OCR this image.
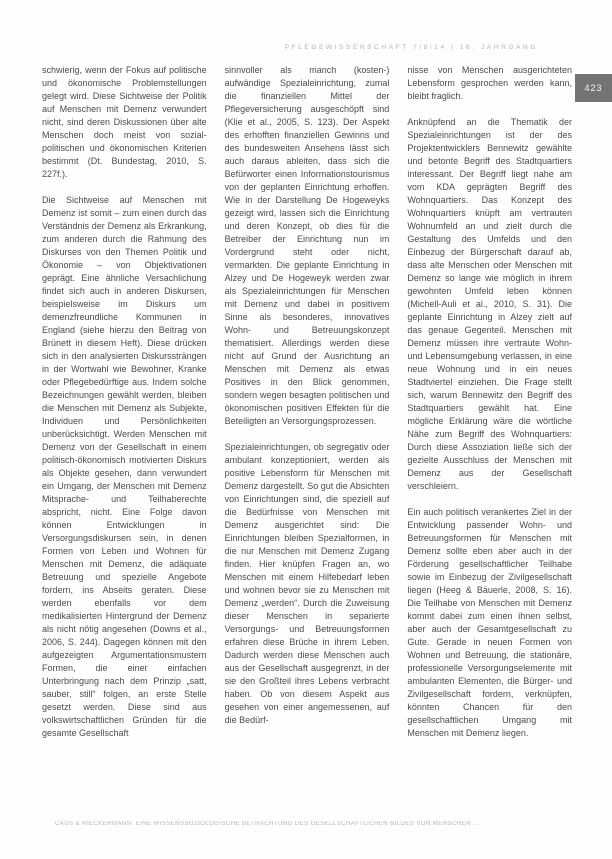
PFLEGEWISSENSCHAFT 7/8/14 | 16. JAHRGANG
423

schwierig, wenn der Fokus auf politische und ökonomische Problemstellungen gelegt wird. Diese Sichtweise der Politik auf Menschen mit Demenz verwundert nicht, sind deren Diskussionen über alte Menschen doch meist von sozial-politischen und ökonomischen Kriterien bestimmt (Dt. Bundestag, 2010, S. 227f.).

Die Sichtweise auf Menschen mit Demenz ist somit – zum einen durch das Verständnis der Demenz als Erkrankung, zum anderen durch die Rahmung des Diskurses von den Themen Politik und Ökonomie – von Objektivationen geprägt. Eine ähnliche Versachlichung findet sich auch in anderen Diskursen, beispielsweise im Diskurs um demenzfreundliche Kommunen in England (siehe hierzu den Beitrag von Brünett in diesem Heft). Diese drücken sich in den analysierten Diskurssträngen in der Wortwahl wie Bewohner, Kranke oder Pflegebedürftige aus. Indem solche Bezeichnungen gewählt werden, bleiben die Menschen mit Demenz als Subjekte, Individuen und Persönlichkeiten unberücksichtigt. Werden Menschen mit Demenz von der Gesellschaft in einem politisch-ökonomisch motivierten Diskurs als Objekte gesehen, dann verwundert ein Umgang, der Menschen mit Demenz Mitsprache- und Teilhaberechte abspricht, nicht. Eine Folge davon können Entwicklungen in Versorgungsdiskursen sein, in denen Formen von Leben und Wohnen für Menschen mit Demenz, die adäquate Betreuung und spezielle Angebote fordern, ins Abseits geraten. Diese werden ebenfalls vor dem medikalisierten Hintergrund der Demenz als nicht nötig angesehen (Downs et al., 2006, S. 244). Dagegen können mit den aufgezeigten Argumentationsmustern Formen, die einer einfachen Unterbringung nach dem Prinzip „satt, sauber, still“ folgen, an erste Stelle gesetzt werden. Diese sind aus volkswirtschaftlichen Gründen für die gesamte Gesellschaft

sinnvoller als manch (kosten-) aufwändige Spezialeinrichtung, zumal die finanziellen Mittel der Pflegeversicherung ausgeschöpft sind (Klie et al., 2005, S. 123). Der Aspekt des erhofften finanziellen Gewinns und des bundesweiten Ansehens lässt sich auch daraus ableiten, dass sich die Befürworter einen Informationstourismus von der geplanten Einrichtung erhoffen. Wie in der Darstellung De Hogeweyks gezeigt wird, lassen sich die Einrichtung und deren Konzept, ob dies für die Betreiber der Einrichtung nun im Vordergrund steht oder nicht, vermarkten. Die geplante Einrichtung in Alzey und De Hogeweyk werden zwar als Spezialeinrichtungen für Menschen mit Demenz und dabei in positivem Sinne als besonderes, innovatives Wohn- und Betreuungskonzept thematisiert. Allerdings werden diese nicht auf Grund der Ausrichtung an Menschen mit Demenz als etwas Positives in den Blick genommen, sondern wegen besagten politischen und ökonomischen positiven Effekten für die Beteiligten an Versorgungsprozessen.

Spezialeinrichtungen, ob segregativ oder ambulant konzeptioniert, werden als positive Lebensform für Menschen mit Demenz dargestellt. So gut die Absichten von Einrichtungen sind, die speziell auf die Bedürfnisse von Menschen mit Demenz ausgerichtet sind: Die Einrichtungen bleiben Spezialformen, in die nur Menschen mit Demenz Zugang finden. Hier knüpfen Fragen an, wo Menschen mit einem Hilfebedarf leben und wohnen bevor sie zu Menschen mit Demenz „werden“. Durch die Zuweisung dieser Menschen in separierte Versorgungs- und Betreuungsformen erfahren diese Brüche in ihrem Leben. Dadurch werden diese Menschen auch aus der Gesellschaft ausgegrenzt, in der sie den Großteil ihres Lebens verbracht haben. Ob von diesem Aspekt aus gesehen von einer angemessenen, auf die Bedürf-

nisse von Menschen ausgerichteten Lebensform gesprochen werden kann, bleibt fraglich.

Anknüpfend an die Thematik der Spezialeinrichtungen ist der des Projektentwicklers Bennewitz gewählte und betonte Begriff des Stadtquartiers interessant. Der Begriff liegt nahe am vom KDA geprägten Begriff des Wohnquartiers. Das Konzept des Wohnquartiers knüpft am vertrauten Wohnumfeld an und zielt durch die Gestaltung des Umfelds und den Einbezug der Bürgerschaft darauf ab, dass alte Menschen oder Menschen mit Demenz so lange wie möglich in ihrem gewohnten Umfeld leben können (Michell-Auli et al., 2010, S. 31). Die geplante Einrichtung in Alzey zielt auf das genaue Gegenteil. Menschen mit Demenz müssen ihre vertraute Wohn- und Lebensumgebung verlassen, in eine neue Wohnung und in ein neues Stadtviertel einziehen. Die Frage stellt sich, warum Bennewitz den Begriff des Stadtquartiers gewählt hat. Eine mögliche Erklärung wäre die wörtliche Nähe zum Begriff des Wohnquartiers: Durch diese Assoziation ließe sich der gezielte Ausschluss der Menschen mit Demenz aus der Gesellschaft verschleiern.

Ein auch politisch verankertes Ziel in der Entwicklung passender Wohn- und Betreuungsformen für Menschen mit Demenz sollte eben aber auch in der Förderung gesellschaftlicher Teilhabe sowie im Einbezug der Zivilgesellschaft liegen (Heeg & Bäuerle, 2008, S. 16). Die Teilhabe von Menschen mit Demenz kommt dabei zum einen ihnen selbst, aber auch der Gesamtgesellschaft zu Gute. Gerade in neuen Formen von Wohnen und Betreuung, die stationäre, professionelle Versorgungselemente mit ambulanten Elementen, die Bürger- und Zivilgesellschaft fordern, verknüpfen, könnten Chancen für den gesellschaftlichen Umgang mit Menschen mit Demenz liegen.

CAUS & RIECKERMANN: EINE WISSENSSOZIOLOGISCHE BETRACHTUNG DES GESELLSCHAFTLICHEN BILDES VON MENSCHEN ...
